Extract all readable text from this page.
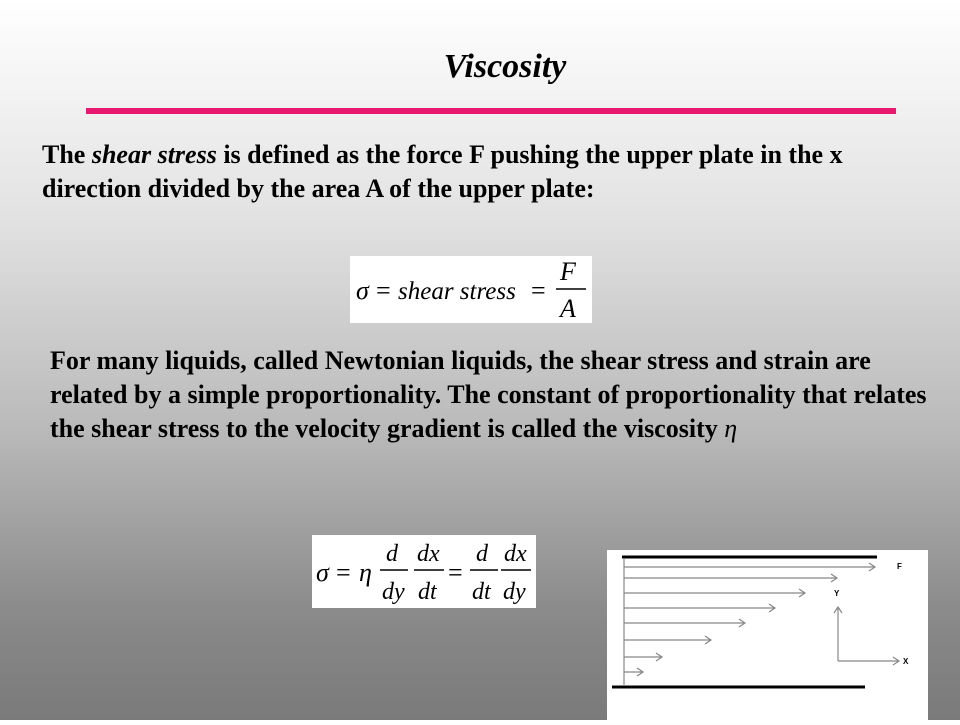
Viscosity
The shear stress is defined as the force F pushing the upper plate in the x direction divided by the area A of the upper plate:
σ = shear stress =
F
A
For many liquids, called Newtonian liquids, the shear stress and strain are related by a simple proportionality. The constant of proportionality that relates the shear stress to the velocity gradient is called the viscosity η
σ = η
d
dy
dx
dt
=
d
dt
dx
dy
F
Y
X
